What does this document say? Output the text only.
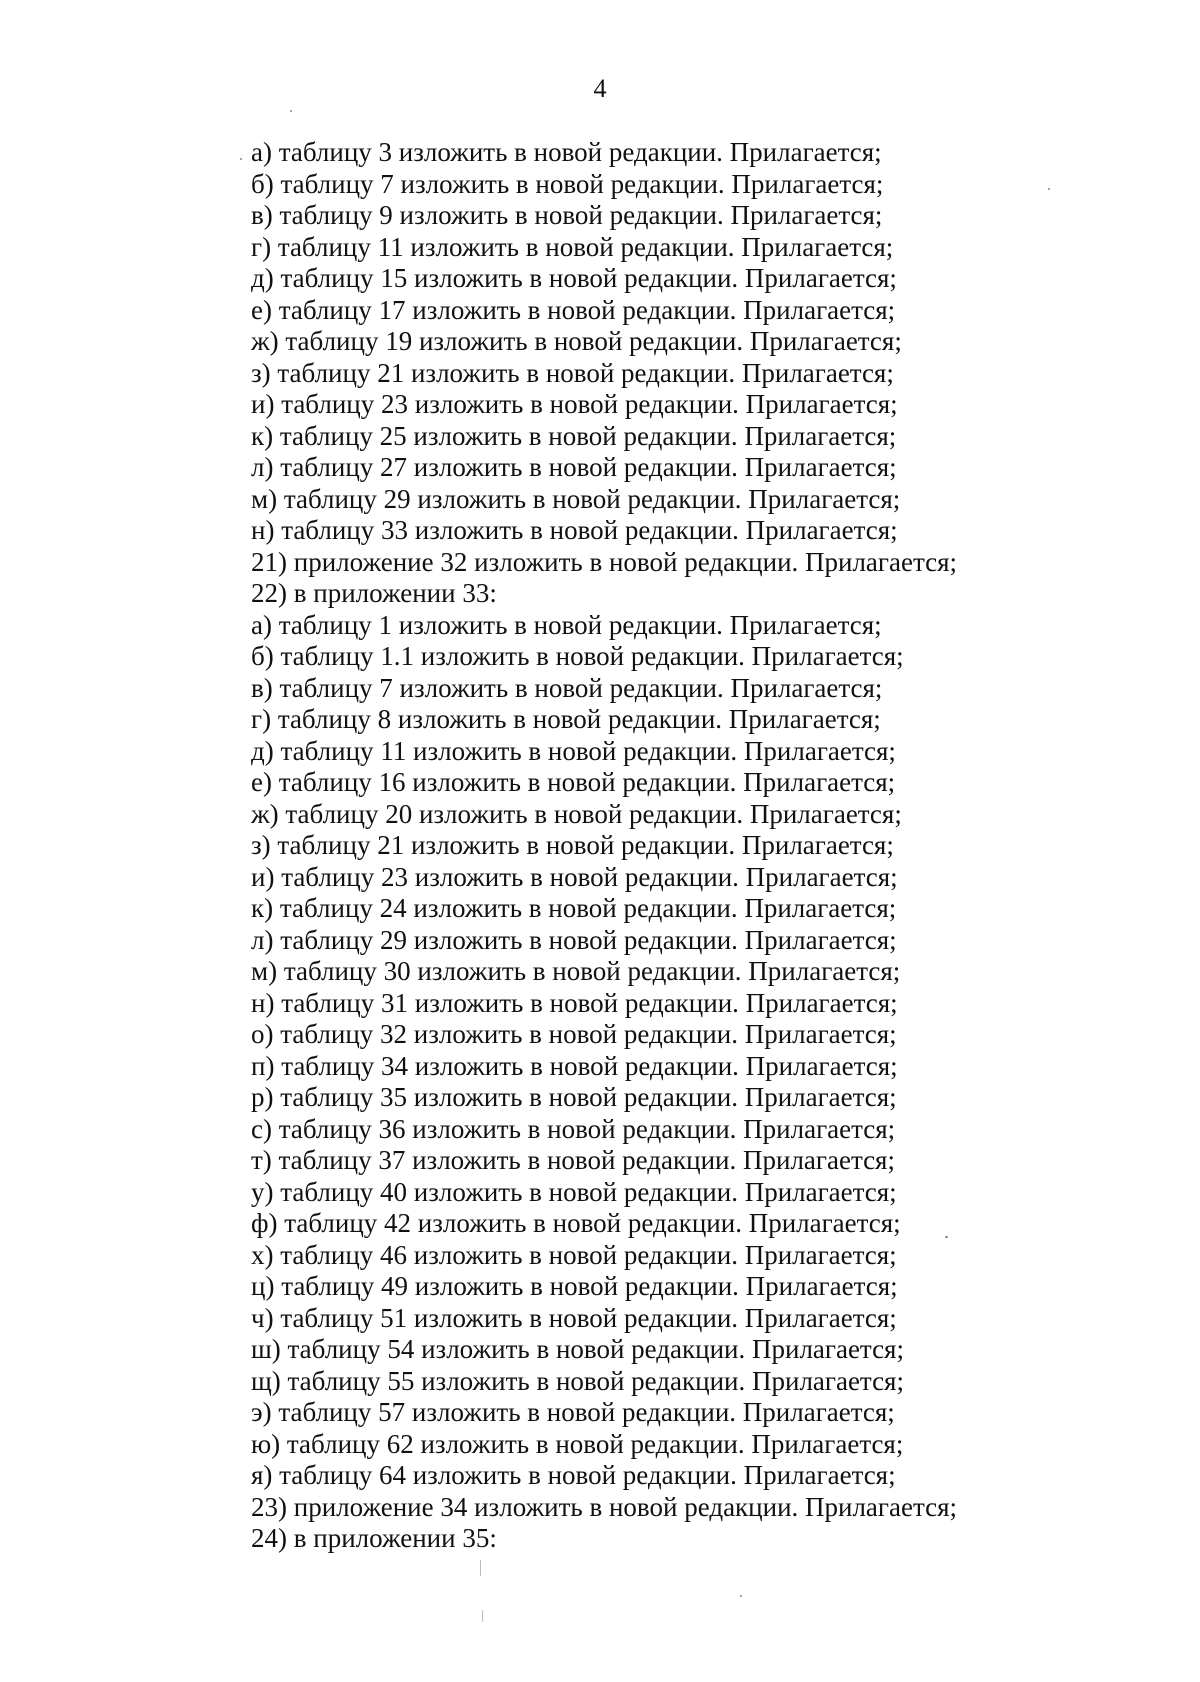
4
а) таблицу 3 изложить в новой редакции. Прилагается;
б) таблицу 7 изложить в новой редакции. Прилагается;
в) таблицу 9 изложить в новой редакции. Прилагается;
г) таблицу 11 изложить в новой редакции. Прилагается;
д) таблицу 15 изложить в новой редакции. Прилагается;
е) таблицу 17 изложить в новой редакции. Прилагается;
ж) таблицу 19 изложить в новой редакции. Прилагается;
з) таблицу 21 изложить в новой редакции. Прилагается;
и) таблицу 23 изложить в новой редакции. Прилагается;
к) таблицу 25 изложить в новой редакции. Прилагается;
л) таблицу 27 изложить в новой редакции. Прилагается;
м) таблицу 29 изложить в новой редакции. Прилагается;
н) таблицу 33 изложить в новой редакции. Прилагается;
21) приложение 32 изложить в новой редакции. Прилагается;
22) в приложении 33:
а) таблицу 1 изложить в новой редакции. Прилагается;
б) таблицу 1.1 изложить в новой редакции. Прилагается;
в) таблицу 7 изложить в новой редакции. Прилагается;
г) таблицу 8 изложить в новой редакции. Прилагается;
д) таблицу 11 изложить в новой редакции. Прилагается;
е) таблицу 16 изложить в новой редакции. Прилагается;
ж) таблицу 20 изложить в новой редакции. Прилагается;
з) таблицу 21 изложить в новой редакции. Прилагается;
и) таблицу 23 изложить в новой редакции. Прилагается;
к) таблицу 24 изложить в новой редакции. Прилагается;
л) таблицу 29 изложить в новой редакции. Прилагается;
м) таблицу 30 изложить в новой редакции. Прилагается;
н) таблицу 31 изложить в новой редакции. Прилагается;
о) таблицу 32 изложить в новой редакции. Прилагается;
п) таблицу 34 изложить в новой редакции. Прилагается;
р) таблицу 35 изложить в новой редакции. Прилагается;
с) таблицу 36 изложить в новой редакции. Прилагается;
т) таблицу 37 изложить в новой редакции. Прилагается;
у) таблицу 40 изложить в новой редакции. Прилагается;
ф) таблицу 42 изложить в новой редакции. Прилагается;
х) таблицу 46 изложить в новой редакции. Прилагается;
ц) таблицу 49 изложить в новой редакции. Прилагается;
ч) таблицу 51 изложить в новой редакции. Прилагается;
ш) таблицу 54 изложить в новой редакции. Прилагается;
щ) таблицу 55 изложить в новой редакции. Прилагается;
э) таблицу 57 изложить в новой редакции. Прилагается;
ю) таблицу 62 изложить в новой редакции. Прилагается;
я) таблицу 64 изложить в новой редакции. Прилагается;
23) приложение 34 изложить в новой редакции. Прилагается;
24) в приложении 35:
